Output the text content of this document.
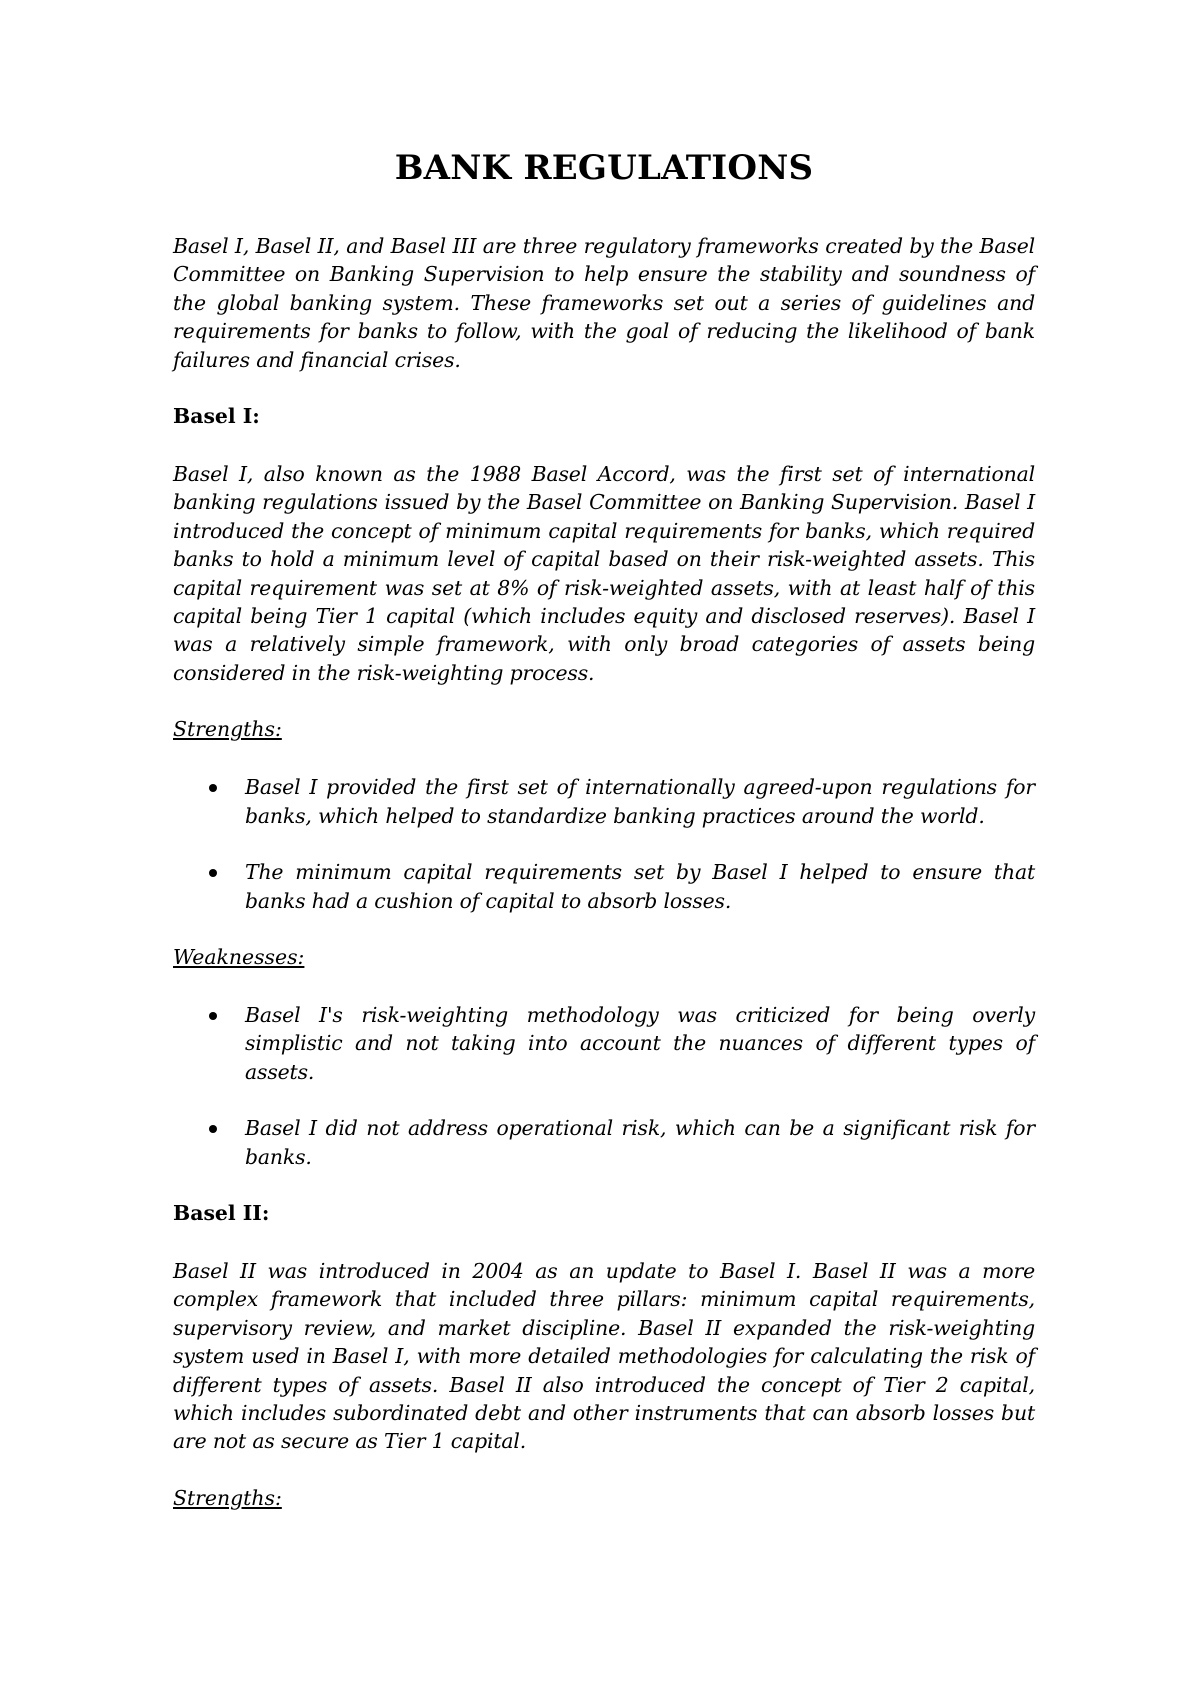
BANK REGULATIONS

Basel I, Basel II, and Basel III are three regulatory frameworks created by the Basel Committee on Banking Supervision to help ensure the stability and soundness of the global banking system. These frameworks set out a series of guidelines and requirements for banks to follow, with the goal of reducing the likelihood of bank failures and financial crises.

Basel I:

Basel I, also known as the 1988 Basel Accord, was the first set of international banking regulations issued by the Basel Committee on Banking Supervision. Basel I introduced the concept of minimum capital requirements for banks, which required banks to hold a minimum level of capital based on their risk-weighted assets. This capital requirement was set at 8% of risk-weighted assets, with at least half of this capital being Tier 1 capital (which includes equity and disclosed reserves). Basel I was a relatively simple framework, with only broad categories of assets being considered in the risk-weighting process.

Strengths:
Basel I provided the first set of internationally agreed-upon regulations for banks, which helped to standardize banking practices around the world.
The minimum capital requirements set by Basel I helped to ensure that banks had a cushion of capital to absorb losses.
Weaknesses:
Basel I's risk-weighting methodology was criticized for being overly simplistic and not taking into account the nuances of different types of assets.
Basel I did not address operational risk, which can be a significant risk for banks.
Basel II:

Basel II was introduced in 2004 as an update to Basel I. Basel II was a more complex framework that included three pillars: minimum capital requirements, supervisory review, and market discipline. Basel II expanded the risk-weighting system used in Basel I, with more detailed methodologies for calculating the risk of different types of assets. Basel II also introduced the concept of Tier 2 capital, which includes subordinated debt and other instruments that can absorb losses but are not as secure as Tier 1 capital.

Strengths:
